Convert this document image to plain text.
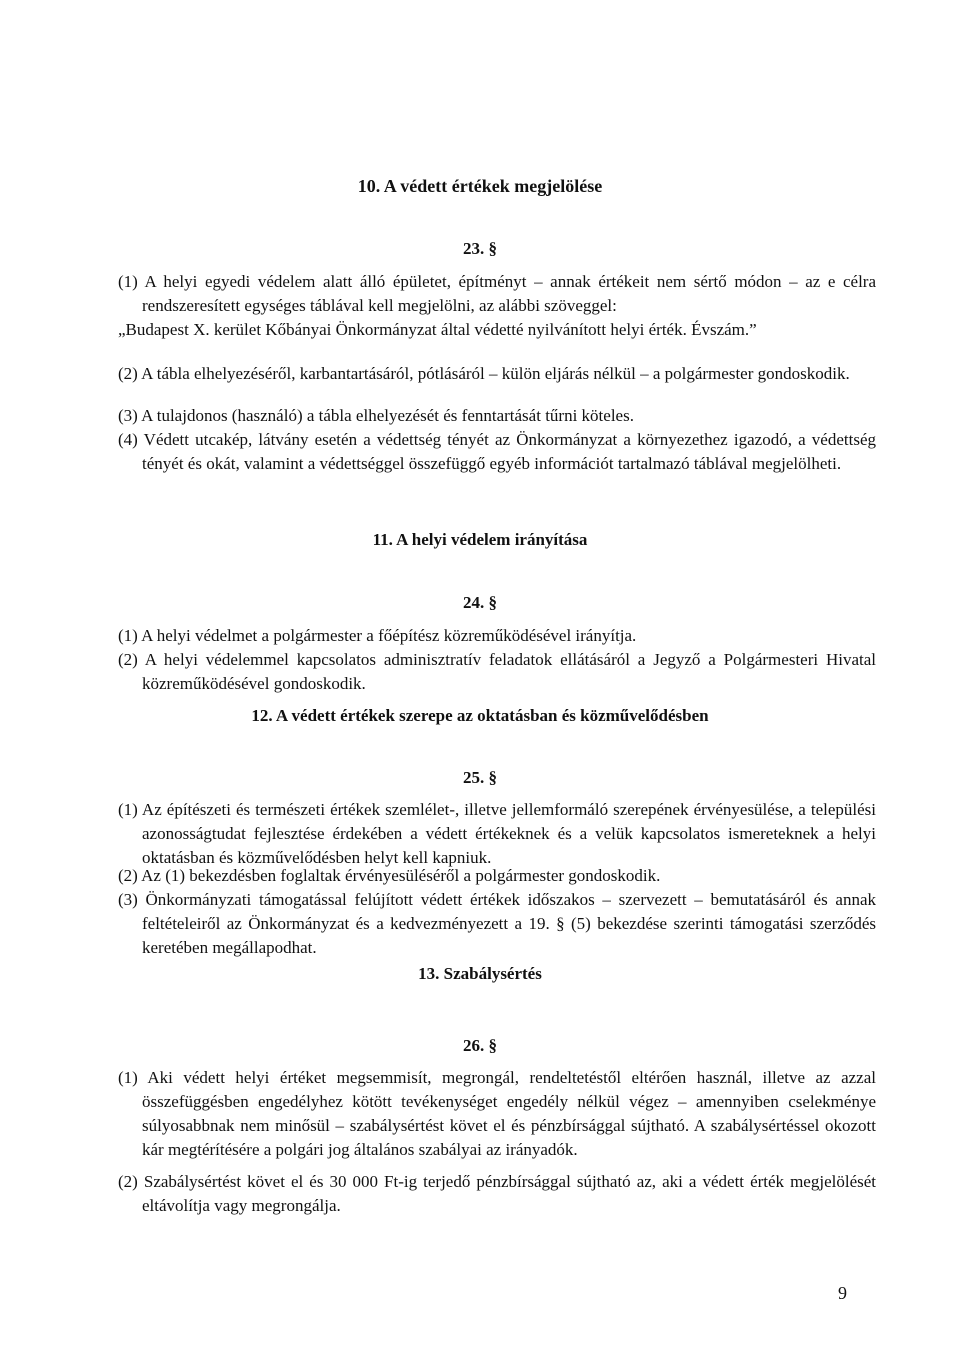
10. A védett értékek megjelölése

23. §

(1) A helyi egyedi védelem alatt álló épületet, építményt – annak értékeit nem sértő módon – az e célra rendszeresített egységes táblával kell megjelölni, az alábbi szöveggel:

„Budapest X. kerület Kőbányai Önkormányzat által védetté nyilvánított helyi érték. Évszám.”

(2) A tábla elhelyezéséről, karbantartásáról, pótlásáról – külön eljárás nélkül – a polgármester gondoskodik.

(3) A tulajdonos (használó) a tábla elhelyezését és fenntartását tűrni köteles.

(4) Védett utcakép, látvány esetén a védettség tényét az Önkormányzat a környezethez igazodó, a védettség tényét és okát, valamint a védettséggel összefüggő egyéb információt tartalmazó táblával megjelölheti.

11. A helyi védelem irányítása

24. §

(1) A helyi védelmet a polgármester a főépítész közreműködésével irányítja.

(2) A helyi védelemmel kapcsolatos adminisztratív feladatok ellátásáról a Jegyző a Polgármesteri Hivatal közreműködésével gondoskodik.

12. A védett értékek szerepe az oktatásban és közművelődésben

25. §

(1) Az építészeti és természeti értékek szemlélet-, illetve jellemformáló szerepének érvényesülése, a települési azonosságtudat fejlesztése érdekében a védett értékeknek és a velük kapcsolatos ismereteknek a helyi oktatásban és közművelődésben helyt kell kapniuk.

(2) Az (1) bekezdésben foglaltak érvényesüléséről a polgármester gondoskodik.

(3) Önkormányzati támogatással felújított védett értékek időszakos – szervezett – bemutatásáról és annak feltételeiről az Önkormányzat és a kedvezményezett a 19. § (5) bekezdése szerinti támogatási szerződés keretében megállapodhat.

13. Szabálysértés

26. §

(1) Aki védett helyi értéket megsemmisít, megrongál, rendeltetéstől eltérően használ, illetve az azzal összefüggésben engedélyhez kötött tevékenységet engedély nélkül végez – amennyiben cselekménye súlyosabbnak nem minősül – szabálysértést követ el és pénzbírsággal sújtható. A szabálysértéssel okozott kár megtérítésére a polgári jog általános szabályai az irányadók.

(2) Szabálysértést követ el és 30 000 Ft-ig terjedő pénzbírsággal sújtható az, aki a védett érték megjelölését eltávolítja vagy megrongálja.

9
